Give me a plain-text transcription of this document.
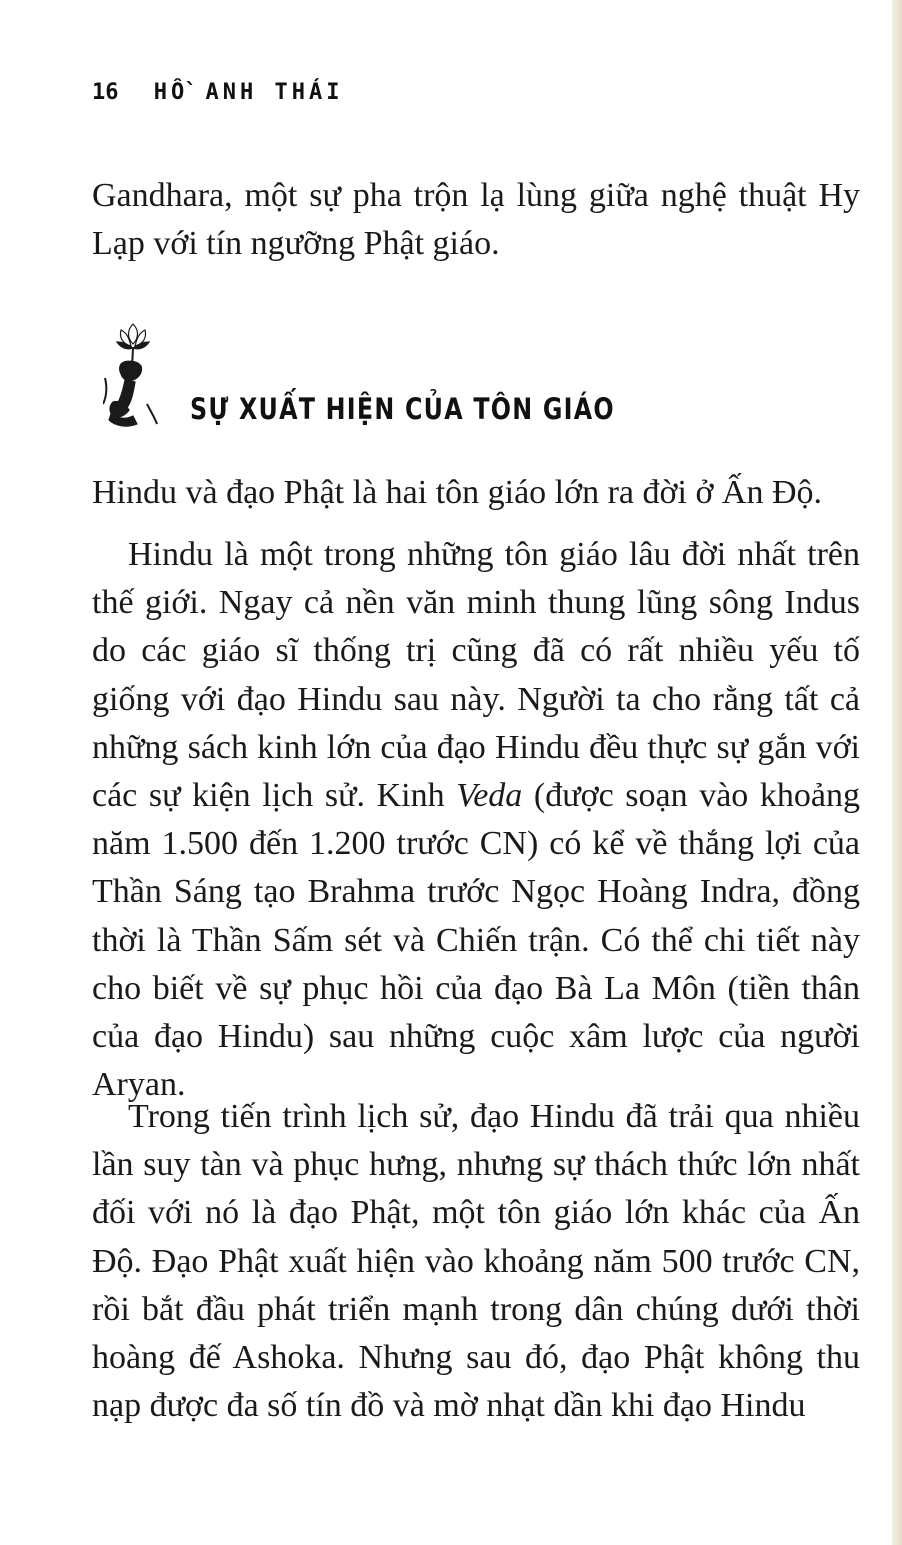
16 HỒ ANH THÁI

Gandhara, một sự pha trộn lạ lùng giữa nghệ thuật Hy Lạp với tín ngưỡng Phật giáo.

SỰ XUẤT HIỆN CỦA TÔN GIÁO

Hindu và đạo Phật là hai tôn giáo lớn ra đời ở Ấn Độ.

Hindu là một trong những tôn giáo lâu đời nhất trên thế giới. Ngay cả nền văn minh thung lũng sông Indus do các giáo sĩ thống trị cũng đã có rất nhiều yếu tố giống với đạo Hindu sau này. Người ta cho rằng tất cả những sách kinh lớn của đạo Hindu đều thực sự gắn với các sự kiện lịch sử. Kinh Veda (được soạn vào khoảng năm 1.500 đến 1.200 trước CN) có kể về thắng lợi của Thần Sáng tạo Brahma trước Ngọc Hoàng Indra, đồng thời là Thần Sấm sét và Chiến trận. Có thể chi tiết này cho biết về sự phục hồi của đạo Bà La Môn (tiền thân của đạo Hindu) sau những cuộc xâm lược của người Aryan.

Trong tiến trình lịch sử, đạo Hindu đã trải qua nhiều lần suy tàn và phục hưng, nhưng sự thách thức lớn nhất đối với nó là đạo Phật, một tôn giáo lớn khác của Ấn Độ. Đạo Phật xuất hiện vào khoảng năm 500 trước CN, rồi bắt đầu phát triển mạnh trong dân chúng dưới thời hoàng đế Ashoka. Nhưng sau đó, đạo Phật không thu nạp được đa số tín đồ và mờ nhạt dần khi đạo Hindu
